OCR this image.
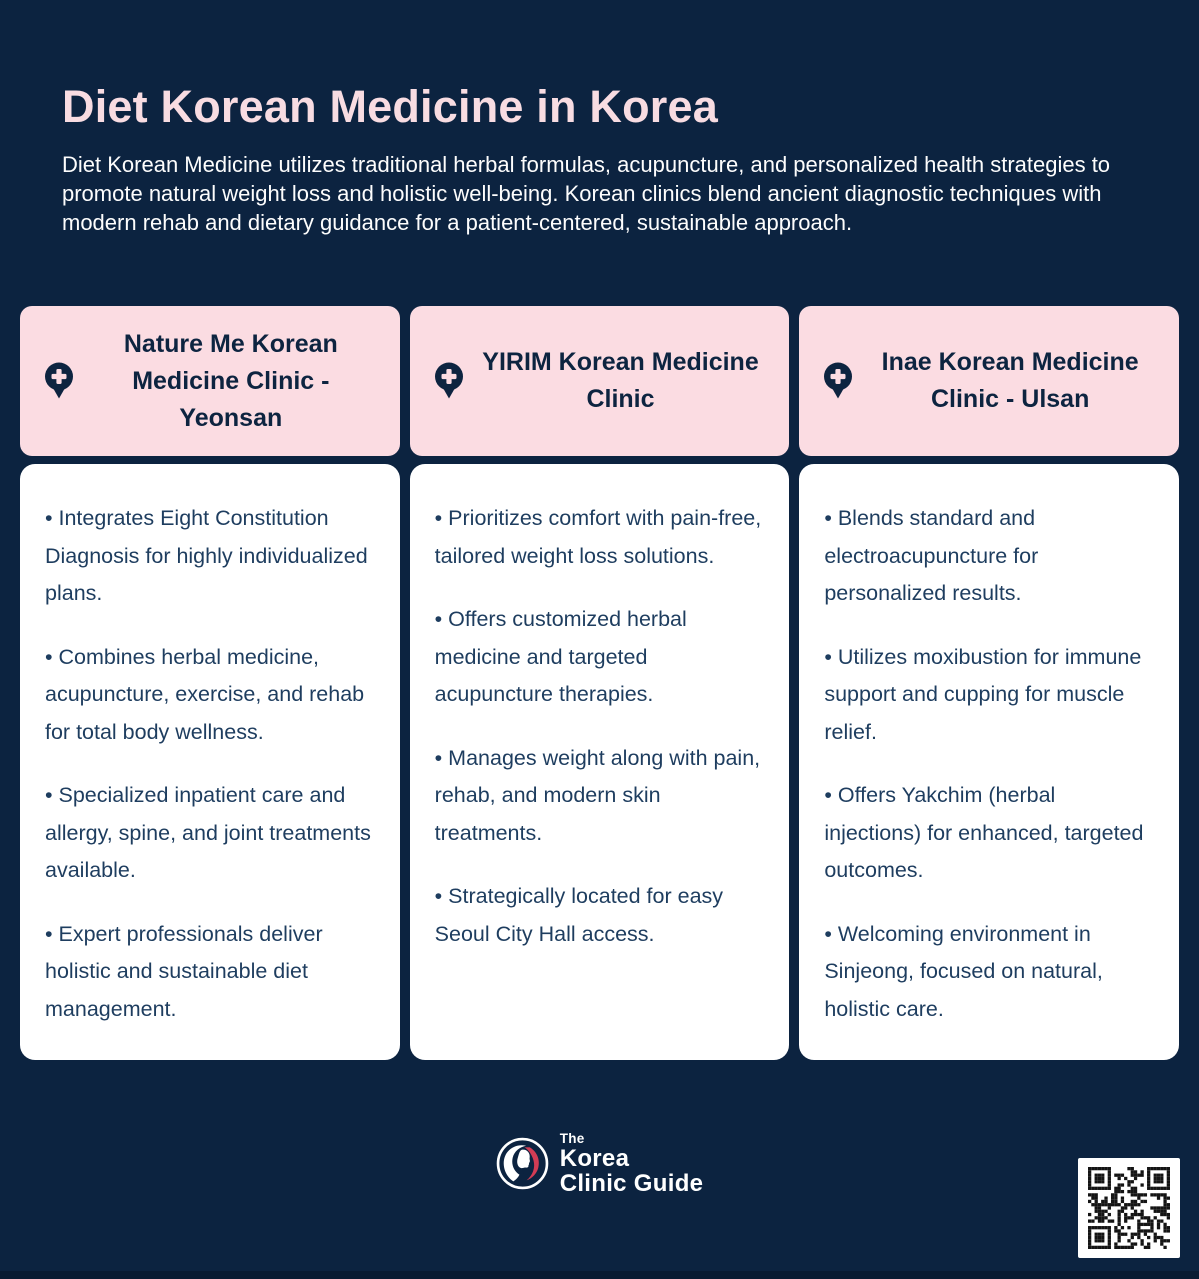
Diet Korean Medicine in Korea

Diet Korean Medicine utilizes traditional herbal formulas, acupuncture, and personalized health strategies to promote natural weight loss and holistic well-being. Korean clinics blend ancient diagnostic techniques with modern rehab and dietary guidance for a patient-centered, sustainable approach.

Nature Me Korean Medicine Clinic - Yeonsan
YIRIM Korean Medicine Clinic
Inae Korean Medicine Clinic - Ulsan

• Integrates Eight Constitution Diagnosis for highly individualized plans.

• Combines herbal medicine, acupuncture, exercise, and rehab for total body wellness.

• Specialized inpatient care and allergy, spine, and joint treatments available.

• Expert professionals deliver holistic and sustainable diet management.

• Prioritizes comfort with pain-free, tailored weight loss solutions.

• Offers customized herbal medicine and targeted acupuncture therapies.

• Manages weight along with pain, rehab, and modern skin treatments.

• Strategically located for easy Seoul City Hall access.

• Blends standard and electroacupuncture for personalized results.

• Utilizes moxibustion for immune support and cupping for muscle relief.

• Offers Yakchim (herbal injections) for enhanced, targeted outcomes.

• Welcoming environment in Sinjeong, focused on natural, holistic care.

The
Korea
Clinic Guide
